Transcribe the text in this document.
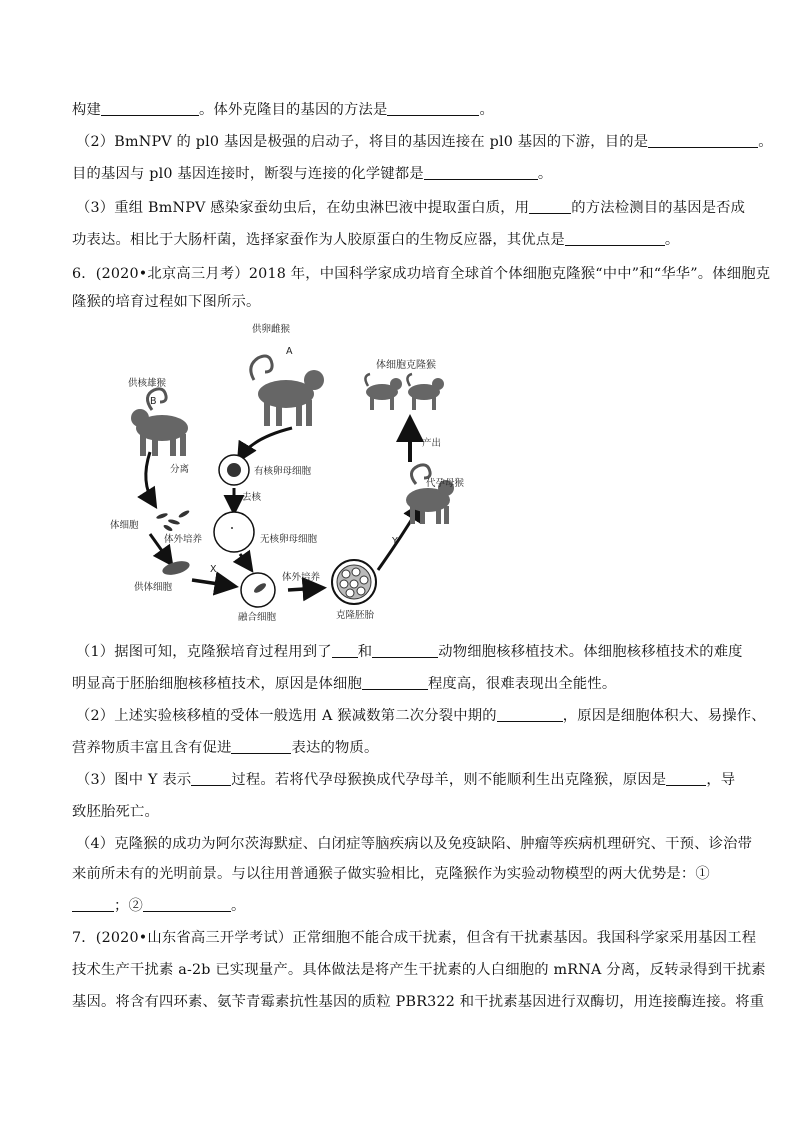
构建	。体外克隆目的基因的方法是	。
（2）BmNPV 的 pl0 基因是极强的启动子，将目的基因连接在 pl0 基因的下游，目的是	。
目的基因与 pl0 基因连接时，断裂与连接的化学键都是	。
（3）重组 BmNPV 感染家蚕幼虫后，在幼虫淋巴液中提取蛋白质，用	的方法检测目的基因是否成
功表达。相比于大肠杆菌，选择家蚕作为人胶原蛋白的生物反应器，其优点是	。
6．(2020•北京高三月考）2018 年，中国科学家成功培育全球首个体细胞克隆猴“中中”和“华华”。体细胞克
隆猴的培育过程如下图所示。
供卵雌猴
A
供核雄猴
B
分离
体细胞
体外培养
供体细胞
X
有核卵母细胞
去核
无核卵母细胞
融合细胞
体外培养
克隆胚胎
Y
代孕母猴
产出
体细胞克隆猴
（1）据图可知，克隆猴培育过程用到了 和	动物细胞核移植技术。体细胞核移植技术的难度
明显高于胚胎细胞核移植技术，原因是体细胞	程度高，很难表现出全能性。
（2）上述实验核移植的受体一般选用 A 猴减数第二次分裂中期的	，原因是细胞体积大、易操作、
营养物质丰富且含有促进	表达的物质。
（3）图中 Y 表示	过程。若将代孕母猴换成代孕母羊，则不能顺利生出克隆猴，原因是	，导
致胚胎死亡。
（4）克隆猴的成功为阿尔茨海默症、白闭症等脑疾病以及免疫缺陷、肿瘤等疾病机理研究、干预、诊治带
来前所未有的光明前景。与以往用普通猴子做实验相比，克隆猴作为实验动物模型的两大优势是：①
；②	。
7．(2020•山东省高三开学考试）正常细胞不能合成干扰素，但含有干扰素基因。我国科学家采用基因工程
技术生产干扰素 a-2b 已实现量产。具体做法是将产生干扰素的人白细胞的 mRNA 分离，反转录得到干扰素
基因。将含有四环素、氨苄青霉素抗性基因的质粒 PBR322 和干扰素基因进行双酶切，用连接酶连接。将重
